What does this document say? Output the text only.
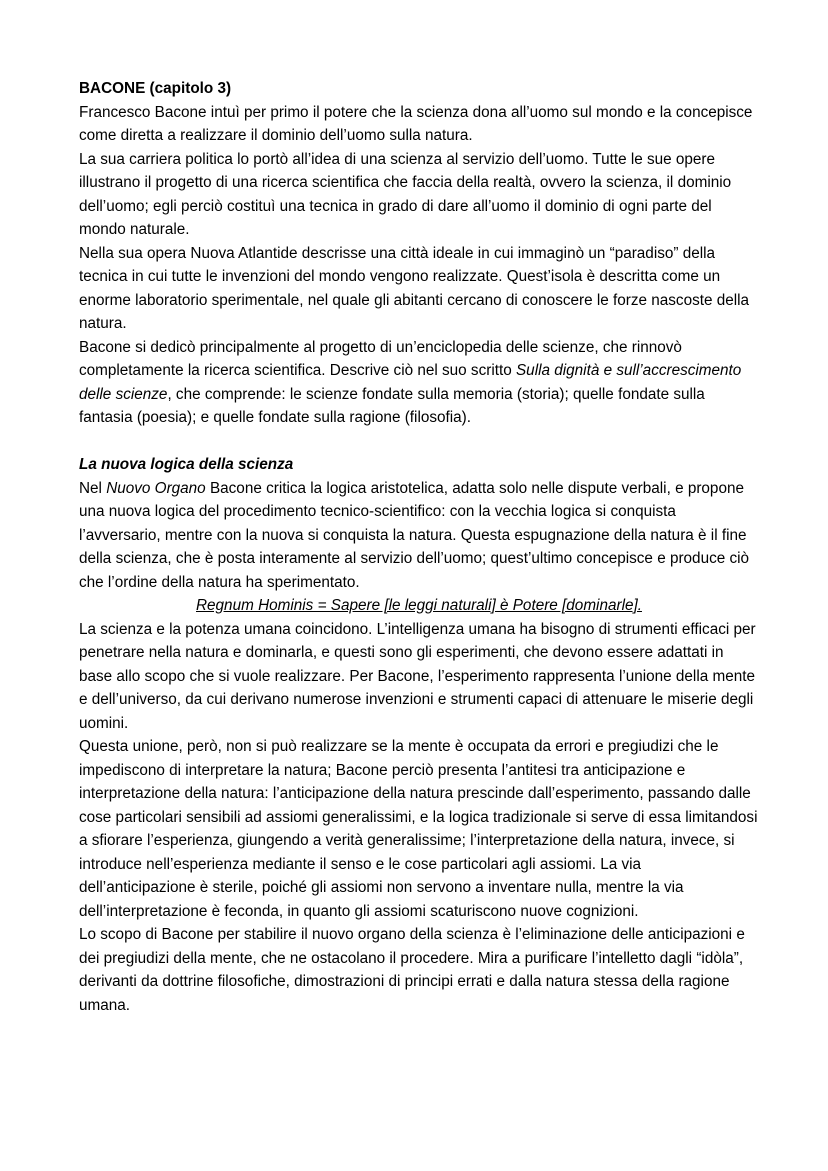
BACONE (capitolo 3)

Francesco Bacone intuì per primo il potere che la scienza dona all’uomo sul mondo e la concepisce come diretta a realizzare il dominio dell’uomo sulla natura.

La sua carriera politica lo portò all’idea di una scienza al servizio dell’uomo. Tutte le sue opere illustrano il progetto di una ricerca scientifica che faccia della realtà, ovvero la scienza, il dominio dell’uomo; egli perciò costituì una tecnica in grado di dare all’uomo il dominio di ogni parte del mondo naturale.

Nella sua opera Nuova Atlantide descrisse una città ideale in cui immaginò un “paradiso” della tecnica in cui tutte le invenzioni del mondo vengono realizzate. Quest’isola è descritta come un enorme laboratorio sperimentale, nel quale gli abitanti cercano di conoscere le forze nascoste della natura.

Bacone si dedicò principalmente al progetto di un’enciclopedia delle scienze, che rinnovò completamente la ricerca scientifica. Descrive ciò nel suo scritto Sulla dignità e sull’accrescimento delle scienze, che comprende: le scienze fondate sulla memoria (storia); quelle fondate sulla fantasia (poesia); e quelle fondate sulla ragione (filosofia).

La nuova logica della scienza

Nel Nuovo Organo Bacone critica la logica aristotelica, adatta solo nelle dispute verbali, e propone una nuova logica del procedimento tecnico-scientifico: con la vecchia logica si conquista l’avversario, mentre con la nuova si conquista la natura. Questa espugnazione della natura è il fine della scienza, che è posta interamente al servizio dell’uomo; quest’ultimo concepisce e produce ciò che l’ordine della natura ha sperimentato.

Regnum Hominis = Sapere [le leggi naturali] è Potere [dominarle].

La scienza e la potenza umana coincidono. L’intelligenza umana ha bisogno di strumenti efficaci per penetrare nella natura e dominarla, e questi sono gli esperimenti, che devono essere adattati in base allo scopo che si vuole realizzare. Per Bacone, l’esperimento rappresenta l’unione della mente e dell’universo, da cui derivano numerose invenzioni e strumenti capaci di attenuare le miserie degli uomini.

Questa unione, però, non si può realizzare se la mente è occupata da errori e pregiudizi che le impediscono di interpretare la natura; Bacone perciò presenta l’antitesi tra anticipazione e interpretazione della natura: l’anticipazione della natura prescinde dall’esperimento, passando dalle cose particolari sensibili ad assiomi generalissimi, e la logica tradizionale si serve di essa limitandosi a sfiorare l’esperienza, giungendo a verità generalissime; l’interpretazione della natura, invece, si introduce nell’esperienza mediante il senso e le cose particolari agli assiomi. La via dell’anticipazione è sterile, poiché gli assiomi non servono a inventare nulla, mentre la via dell’interpretazione è feconda, in quanto gli assiomi scaturiscono nuove cognizioni.

Lo scopo di Bacone per stabilire il nuovo organo della scienza è l’eliminazione delle anticipazioni e dei pregiudizi della mente, che ne ostacolano il procedere. Mira a purificare l’intelletto dagli “idòla”, derivanti da dottrine filosofiche, dimostrazioni di principi errati e dalla natura stessa della ragione umana.
